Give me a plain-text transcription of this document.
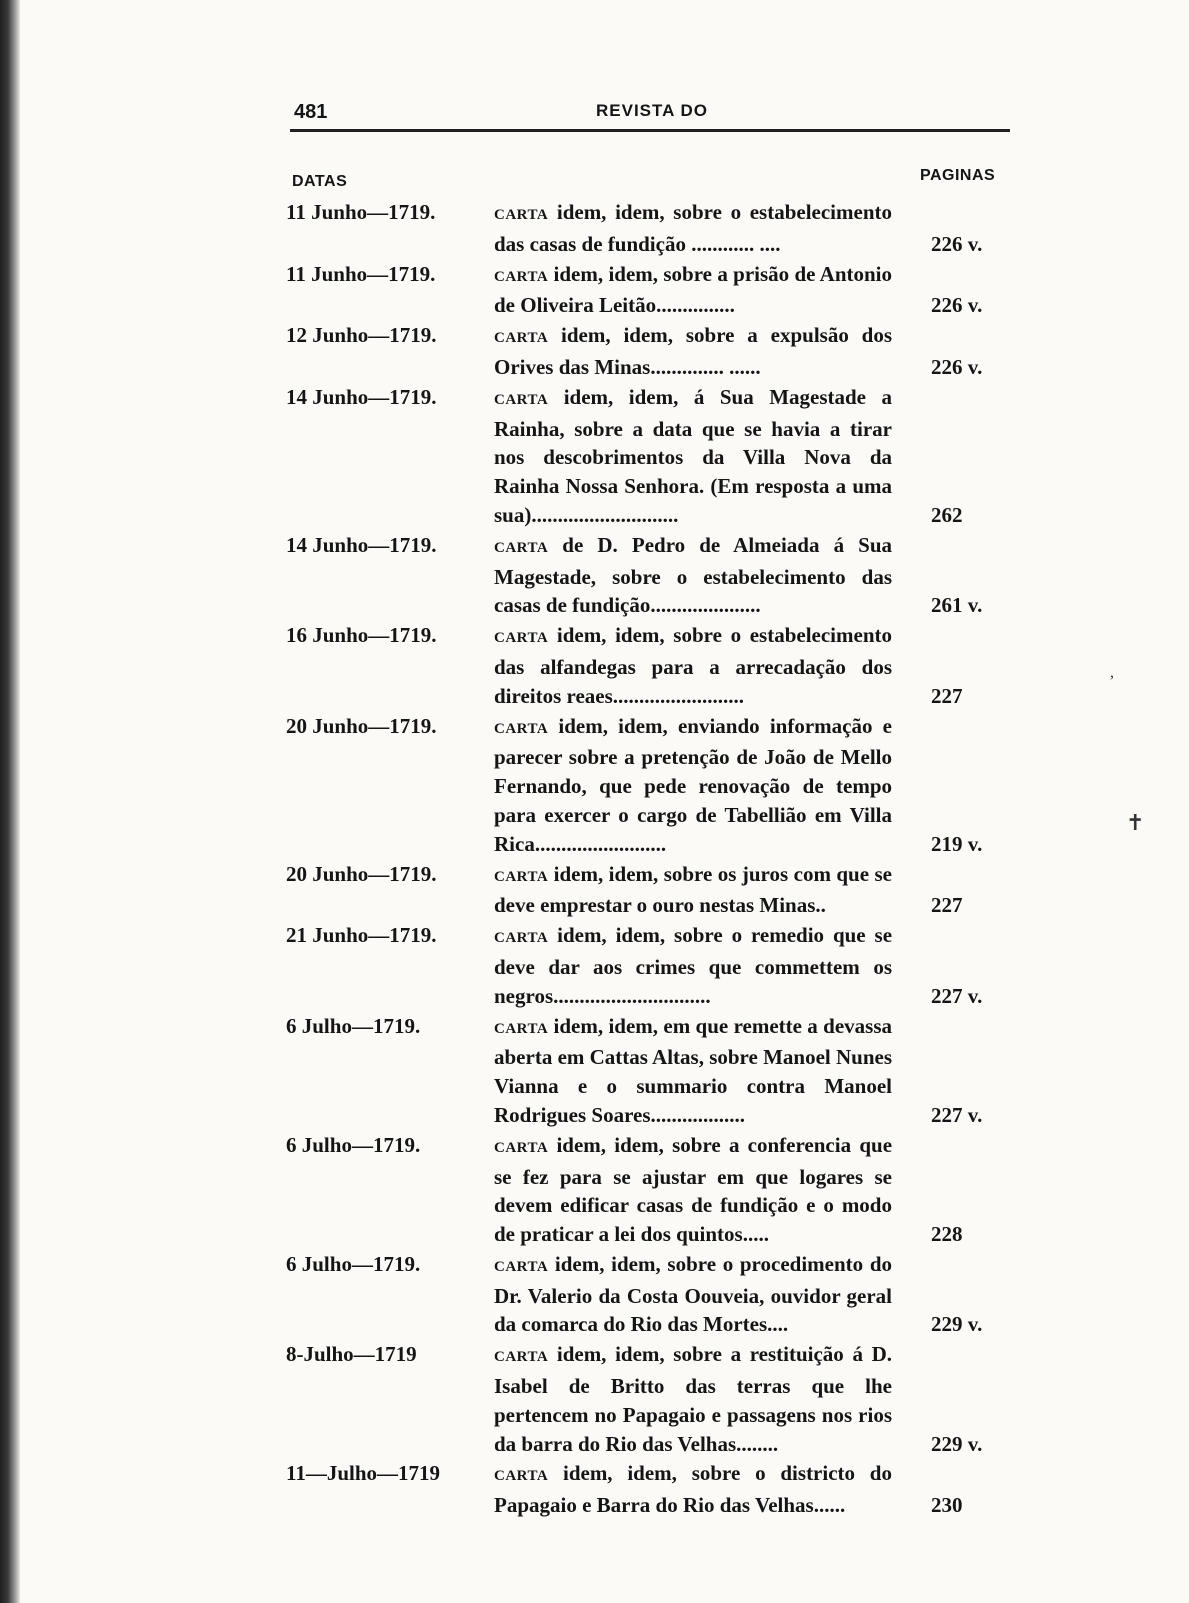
481	REVISTA DO
DATAS	PAGINAS
11 Junho—1719.	CARTA idem, idem, sobre o estabelecimento das casas de fundição ............ ....	226 v.
11 Junho—1719.	CARTA idem, idem, sobre a prisão de Antonio de Oliveira Leitão...............	226 v.
12 Junho—1719.	CARTA idem, idem, sobre a expulsão dos Orives das Minas.............. ......	226 v.
14 Junho—1719.	CARTA idem, idem, á Sua Magestade a Rainha, sobre a data que se havia a tirar nos descobrimentos da Villa Nova da Rainha Nossa Senhora. (Em resposta a uma sua)............................	262
14 Junho—1719.	CARTA de D. Pedro de Almeiada á Sua Magestade, sobre o estabelecimento das casas de fundição.....................	261 v.
16 Junho—1719.	CARTA idem, idem, sobre o estabelecimento das alfandegas para a arrecadação dos direitos reaes.........................	227
20 Junho—1719.	CARTA idem, idem, enviando informação e parecer sobre a pretenção de João de Mello Fernando, que pede renovação de tempo para exercer o cargo de Tabellião em Villa Rica.........................	219 v.
20 Junho—1719.	CARTA idem, idem, sobre os juros com que se deve emprestar o ouro nestas Minas..	227
21 Junho—1719.	CARTA idem, idem, sobre o remedio que se deve dar aos crimes que commettem os negros..............................	227 v.
6 Julho—1719.	CARTA idem, idem, em que remette a devassa aberta em Cattas Altas, sobre Manoel Nunes Vianna e o summario contra Manoel Rodrigues Soares..................	227 v.
6 Julho—1719.	CARTA idem, idem, sobre a conferencia que se fez para se ajustar em que logares se devem edificar casas de fundição e o modo de praticar a lei dos quintos.....	228
6 Julho—1719.	CARTA idem, idem, sobre o procedimento do Dr. Valerio da Costa Oouveia, ouvidor geral da comarca do Rio das Mortes....	229 v.
8-Julho—1719	CARTA idem, idem, sobre a restituição á D. Isabel de Britto das terras que lhe pertencem no Papagaio e passagens nos rios da barra do Rio das Velhas........	229 v.
11—Julho—1719	CARTA idem, idem, sobre o districto do Papagaio e Barra do Rio das Velhas......	230
,
✝
